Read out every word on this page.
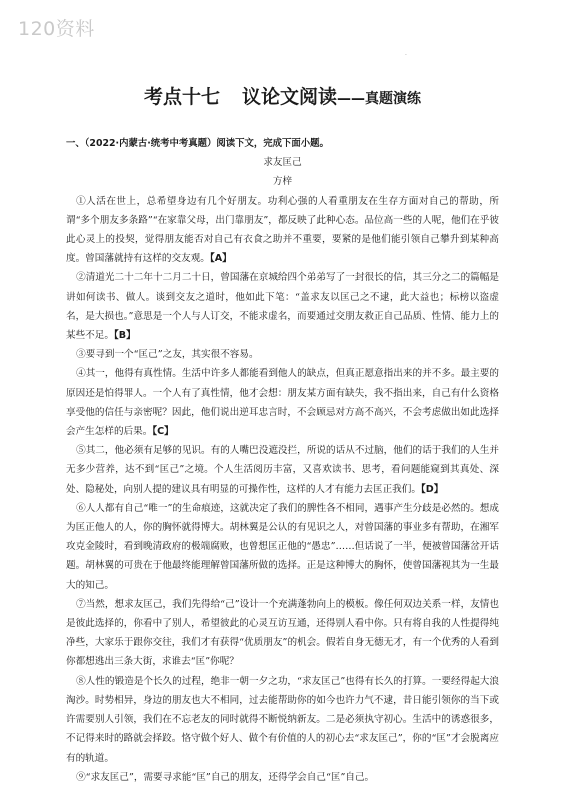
120资料
·
考点十七 议论文阅读——真题演练
一、（2022·内蒙古·统考中考真题）阅读下文，完成下面小题。
求友匡己
方梓

①人活在世上，总希望身边有几个好朋友。功利心强的人看重朋友在生存方面对自己的帮助，所谓“多个朋友多条路”“在家靠父母，出门靠朋友”，都反映了此种心态。品位高一些的人呢，他们在乎彼此心灵上的投契，觉得朋友能否对自己有衣食之助并不重要，要紧的是他们能引领自己攀升到某种高度。曾国藩就持有这样的交友观。【A】

②清道光二十二年十二月二十日，曾国藩在京城给四个弟弟写了一封很长的信，其三分之二的篇幅是讲如何读书、做人。谈到交友之道时，他如此下笔：“盖求友以匡己之不逮，此大益也；标榜以盗虚名，是大损也。”意思是一个人与人订交，不能求虚名，而要通过交朋友救正自己品质、性情、能力上的某些不足。【B】

③要寻到一个“匡己”之友，其实很不容易。

④其一，他得有真性情。生活中许多人都能看到他人的缺点，但真正愿意指出来的并不多。最主要的原因还是怕得罪人。一个人有了真性情，他才会想：朋友某方面有缺失，我不指出来，自己有什么资格享受他的信任与亲密呢？因此，他们说出逆耳忠言时，不会顾忌对方高不高兴，不会考虑做出如此选择会产生怎样的后果。【C】

⑤其二，他必须有足够的见识。有的人嘴巴没遮没拦，所说的话从不过脑，他们的话于我们的人生并无多少营养，达不到“匡己”之境。个人生活阅历丰富，又喜欢读书、思考，看问题能窥到其真处、深处、隐秘处，向别人提的建议具有明显的可操作性，这样的人才有能力去匡正我们。【D】

⑥人人都有自己“唯一”的生命痕迹，这就决定了我们的脾性各不相同，遇事产生分歧是必然的。想成为匡正他人的人，你的胸怀就得博大。胡林翼是公认的有见识之人，对曾国藩的事业多有帮助，在湘军攻克金陵时，看到晚清政府的极端腐败，也曾想匡正他的“愚忠”……但话说了一半，便被曾国藩岔开话题。胡林翼的可贵在于他最终能理解曾国藩所做的选择。正是这种博大的胸怀，使曾国藩视其为一生最大的知己。

⑦当然，想求友匡己，我们先得给“己”设计一个充满蓬勃向上的模板。像任何双边关系一样，友情也是彼此选择的，你看中了别人，希望彼此的心灵互访互通，还得别人看中你。只有将自我的人性提得纯净些，大家乐于跟你交往，我们才有获得“优质朋友”的机会。假若自身无德无才，有一个优秀的人看到你都想逃出三条大街，求谁去“匡”你呢？

⑧人性的锻造是个长久的过程，绝非一朝一夕之功，“求友匡己”也得有长久的打算。一要经得起大浪淘沙。时势相异，身边的朋友也大不相同，过去能帮助你的如今也许力气不逮，昔日能引领你的当下或许需要别人引领，我们在不忘老友的同时就得不断悦纳新友。二是必须执守初心。生活中的诱惑很多，不记得来时的路就会择跤。恪守做个好人、做个有价值的人的初心去“求友匡己”，你的“匡”才会脱离应有的轨道。

⑨“求友匡己”，需要寻求能“匡”自己的朋友，还得学会自己“匡”自己。
